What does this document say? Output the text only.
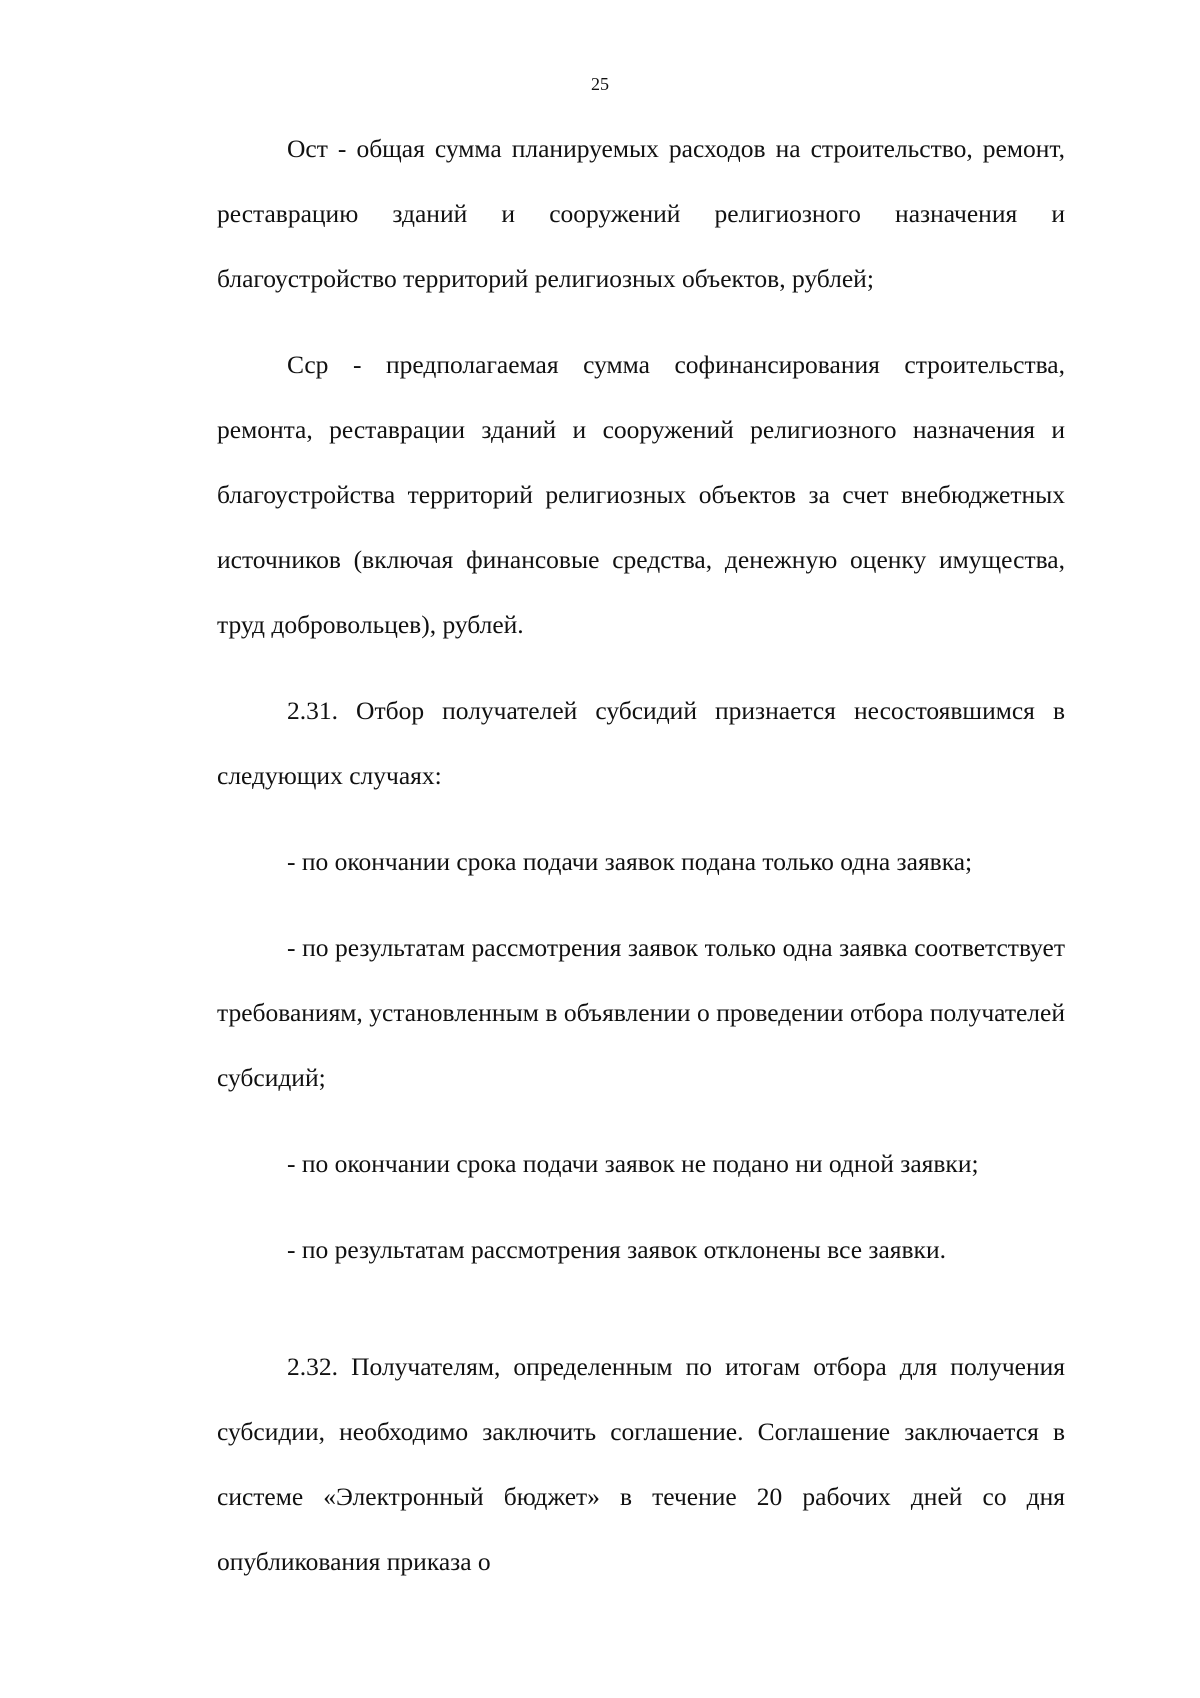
25

Ост - общая сумма планируемых расходов на строительство, ремонт, реставрацию зданий и сооружений религиозного назначения и благоустройство территорий религиозных объектов, рублей;

Сср - предполагаемая сумма софинансирования строительства, ремонта, реставрации зданий и сооружений религиозного назначения и благоустройства территорий религиозных объектов за счет внебюджетных источников (включая финансовые средства, денежную оценку имущества, труд добровольцев), рублей.

2.31. Отбор получателей субсидий признается несостоявшимся в следующих случаях:

- по окончании срока подачи заявок подана только одна заявка;

- по результатам рассмотрения заявок только одна заявка соответствует требованиям, установленным в объявлении о проведении отбора получателей субсидий;

- по окончании срока подачи заявок не подано ни одной заявки;

- по результатам рассмотрения заявок отклонены все заявки.

2.32. Получателям, определенным по итогам отбора для получения субсидии, необходимо заключить соглашение. Соглашение заключается в системе «Электронный бюджет» в течение 20 рабочих дней со дня опубликования приказа о
